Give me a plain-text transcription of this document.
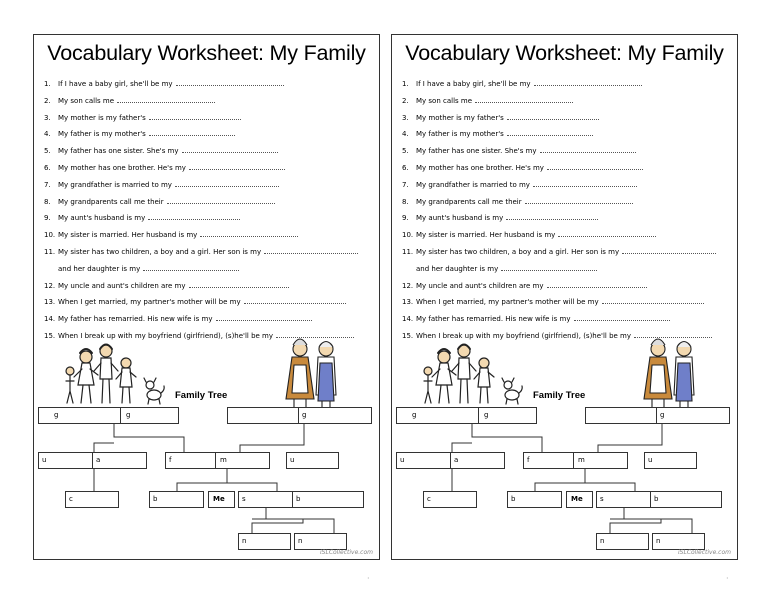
Vocabulary Worksheet: My Family
1. If I have a baby girl, she'll be my
2. My son calls me
3. My mother is my father's
4. My father is my mother's
5. My father has one sister. She's my
6. My mother has one brother. He's my
7. My grandfather is married to my
8. My grandparents call me their
9. My aunt's husband is my
10. My sister is married. Her husband is my
11. My sister has two children, a boy and a girl. Her son is my
and her daughter is my
12. My uncle and aunt's children are my
13. When I get married, my partner's mother will be my
14. My father has remarried. His new wife is my
15. When I break up with my boyfriend (girlfriend), (s)he'll be my
Family Tree
g	g	g
u	a	f	m	u
c	b	Me s	b
n	n
iSLCollective.com
Vocabulary Worksheet: My Family
1. If I have a baby girl, she'll be my
2. My son calls me
3. My mother is my father's
4. My father is my mother's
5. My father has one sister. She's my
6. My mother has one brother. He's my
7. My grandfather is married to my
8. My grandparents call me their
9. My aunt's husband is my
10. My sister is married. Her husband is my
11. My sister has two children, a boy and a girl. Her son is my
and her daughter is my
12. My uncle and aunt's children are my
13. When I get married, my partner's mother will be my
14. My father has remarried. His new wife is my
15. When I break up with my boyfriend (girlfriend), (s)he'll be my
Family Tree
g	g	g
u	a	f	m	u
c	b	Me s	b
n	n
iSLCollective.com
·	·
